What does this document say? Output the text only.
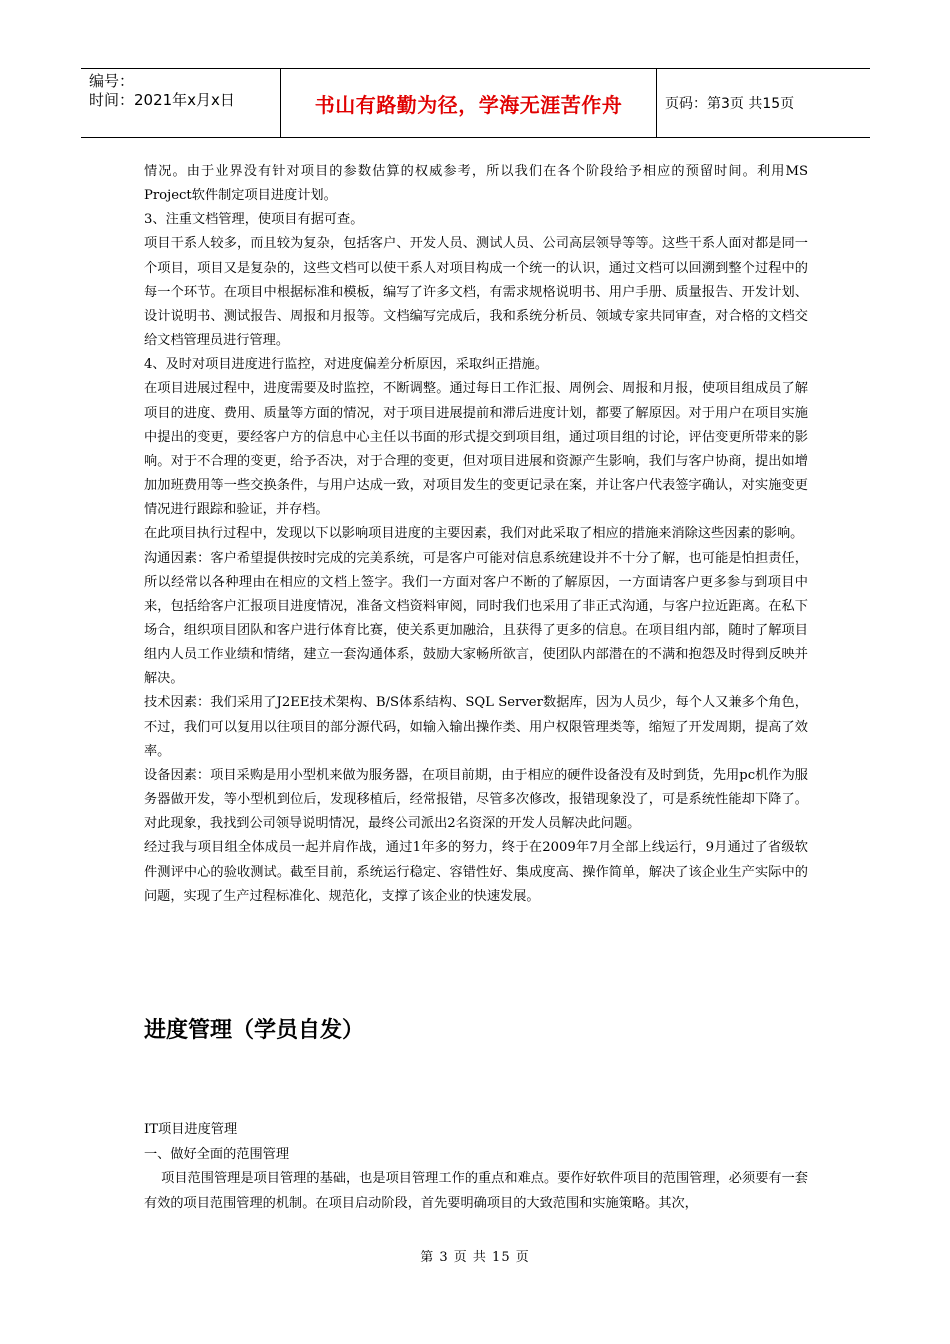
编号：
时间：2021年x月x日	书山有路勤为径，学海无涯苦作舟	页码：第3页 共15页

情况。由于业界没有针对项目的参数估算的权威参考，所以我们在各个阶段给予相应的预留时间。利用MS Project软件制定项目进度计划。

3、注重文档管理，使项目有据可查。

项目干系人较多，而且较为复杂，包括客户、开发人员、测试人员、公司高层领导等等。这些干系人面对都是同一个项目，项目又是复杂的，这些文档可以使干系人对项目构成一个统一的认识，通过文档可以回溯到整个过程中的每一个环节。在项目中根据标准和模板，编写了许多文档，有需求规格说明书、用户手册、质量报告、开发计划、设计说明书、测试报告、周报和月报等。文档编写完成后，我和系统分析员、领域专家共同审查，对合格的文档交给文档管理员进行管理。

4、及时对项目进度进行监控，对进度偏差分析原因，采取纠正措施。

在项目进展过程中，进度需要及时监控，不断调整。通过每日工作汇报、周例会、周报和月报，使项目组成员了解项目的进度、费用、质量等方面的情况，对于项目进展提前和滞后进度计划，都要了解原因。对于用户在项目实施中提出的变更，要经客户方的信息中心主任以书面的形式提交到项目组，通过项目组的讨论，评估变更所带来的影响。对于不合理的变更，给予否决，对于合理的变更，但对项目进展和资源产生影响，我们与客户协商，提出如增加加班费用等一些交换条件，与用户达成一致，对项目发生的变更记录在案，并让客户代表签字确认，对实施变更情况进行跟踪和验证，并存档。

在此项目执行过程中，发现以下以影响项目进度的主要因素，我们对此采取了相应的措施来消除这些因素的影响。

沟通因素：客户希望提供按时完成的完美系统，可是客户可能对信息系统建设并不十分了解，也可能是怕担责任，所以经常以各种理由在相应的文档上签字。我们一方面对客户不断的了解原因，一方面请客户更多参与到项目中来，包括给客户汇报项目进度情况，准备文档资料审阅，同时我们也采用了非正式沟通，与客户拉近距离。在私下场合，组织项目团队和客户进行体育比赛，使关系更加融洽，且获得了更多的信息。在项目组内部，随时了解项目组内人员工作业绩和情绪，建立一套沟通体系，鼓励大家畅所欲言，使团队内部潜在的不满和抱怨及时得到反映并解决。

技术因素：我们采用了J2EE技术架构、B/S体系结构、SQL Server数据库，因为人员少，每个人又兼多个角色，不过，我们可以复用以往项目的部分源代码，如输入输出操作类、用户权限管理类等，缩短了开发周期，提高了效率。

设备因素：项目采购是用小型机来做为服务器，在项目前期，由于相应的硬件设备没有及时到货，先用pc机作为服务器做开发，等小型机到位后，发现移植后，经常报错，尽管多次修改，报错现象没了，可是系统性能却下降了。对此现象，我找到公司领导说明情况，最终公司派出2名资深的开发人员解决此问题。

经过我与项目组全体成员一起并肩作战，通过1年多的努力，终于在2009年7月全部上线运行，9月通过了省级软件测评中心的验收测试。截至目前，系统运行稳定、容错性好、集成度高、操作简单，解决了该企业生产实际中的问题，实现了生产过程标准化、规范化，支撑了该企业的快速发展。

进度管理（学员自发）

IT项目进度管理

一、做好全面的范围管理

项目范围管理是项目管理的基础，也是项目管理工作的重点和难点。要作好软件项目的范围管理，必须要有一套有效的项目范围管理的机制。在项目启动阶段，首先要明确项目的大致范围和实施策略。其次，

第 3 页 共 15 页
